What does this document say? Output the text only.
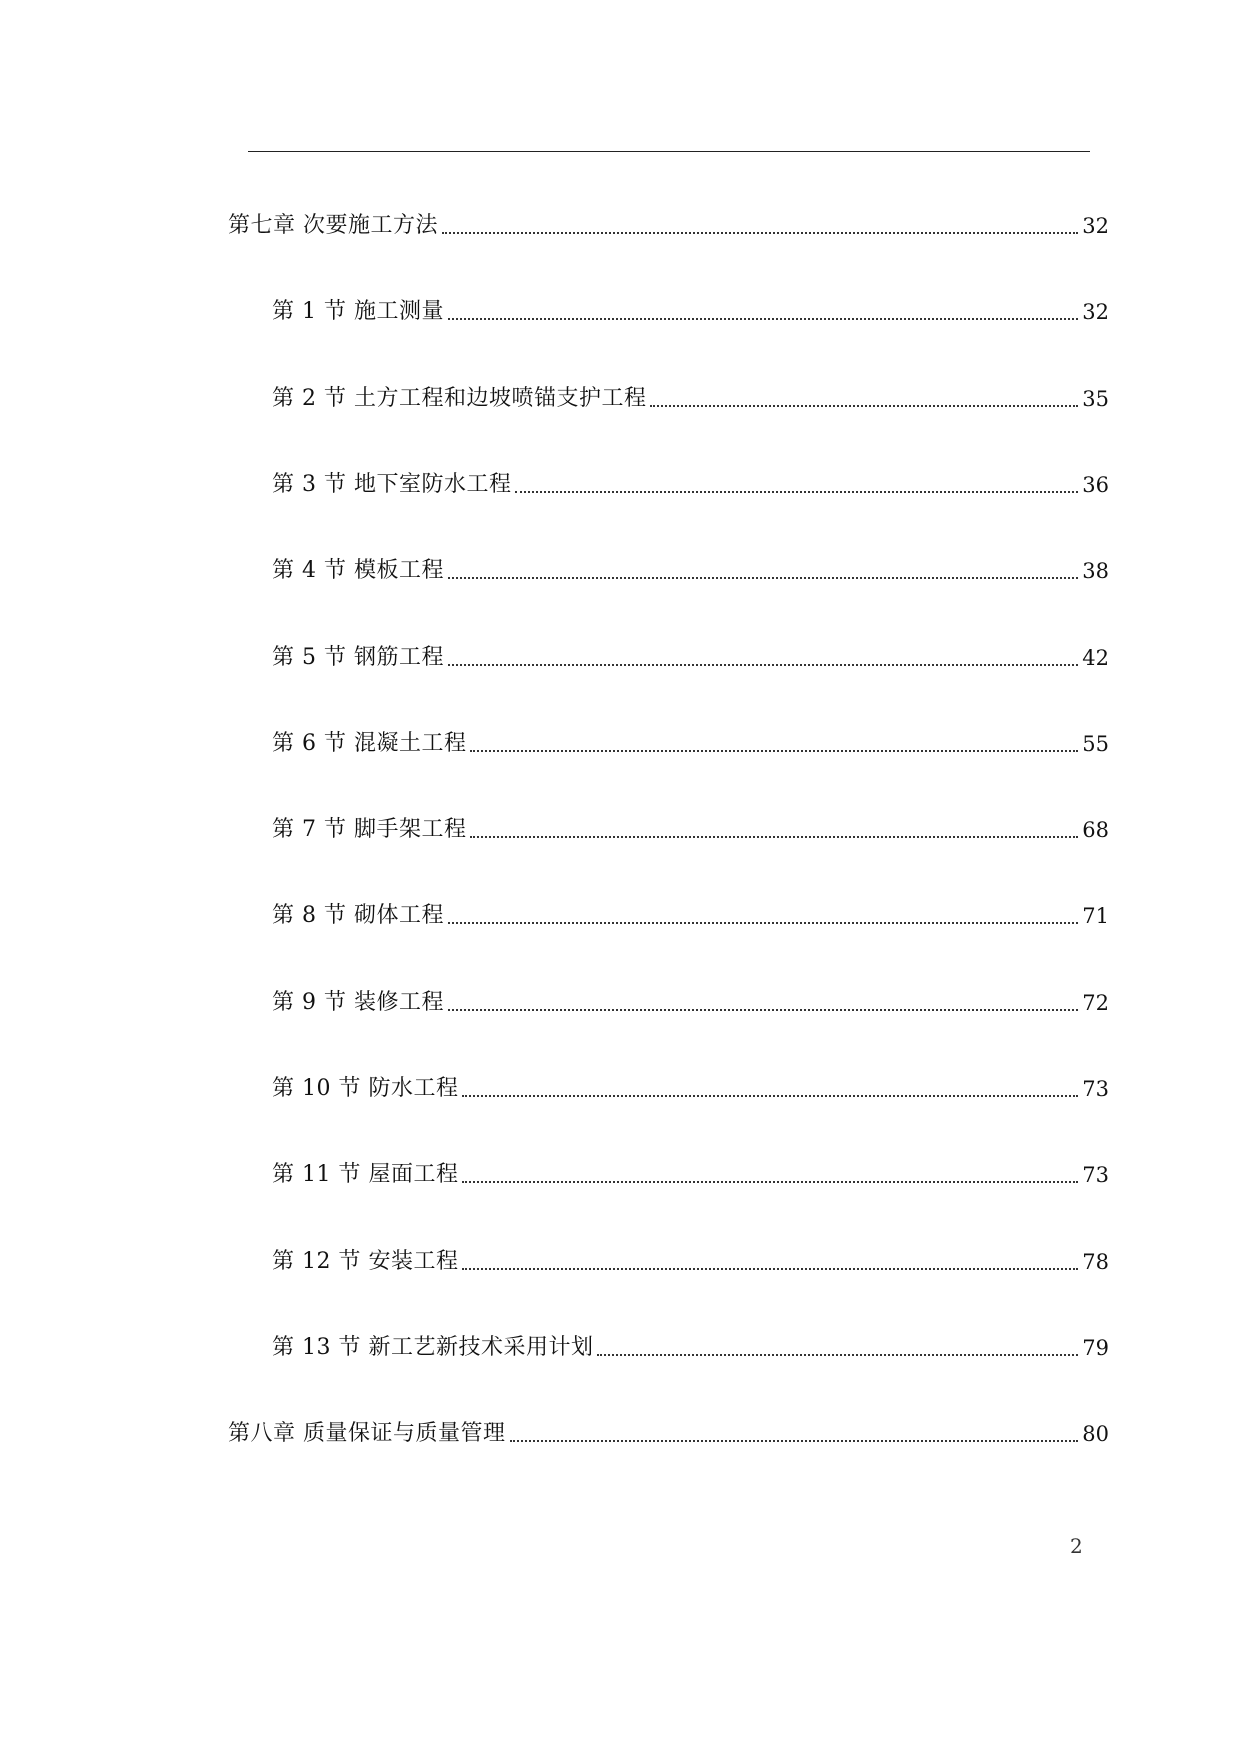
第七章 次要施工方法	32
第 1 节 施工测量	32
第 2 节 土方工程和边坡喷锚支护工程	35
第 3 节 地下室防水工程	36
第 4 节 模板工程	38
第 5 节 钢筋工程	42
第 6 节 混凝土工程	55
第 7 节 脚手架工程	68
第 8 节 砌体工程	71
第 9 节 装修工程	72
第 10 节 防水工程	73
第 11 节 屋面工程	73
第 12 节 安装工程	78
第 13 节 新工艺新技术采用计划	79
第八章 质量保证与质量管理	80
2
